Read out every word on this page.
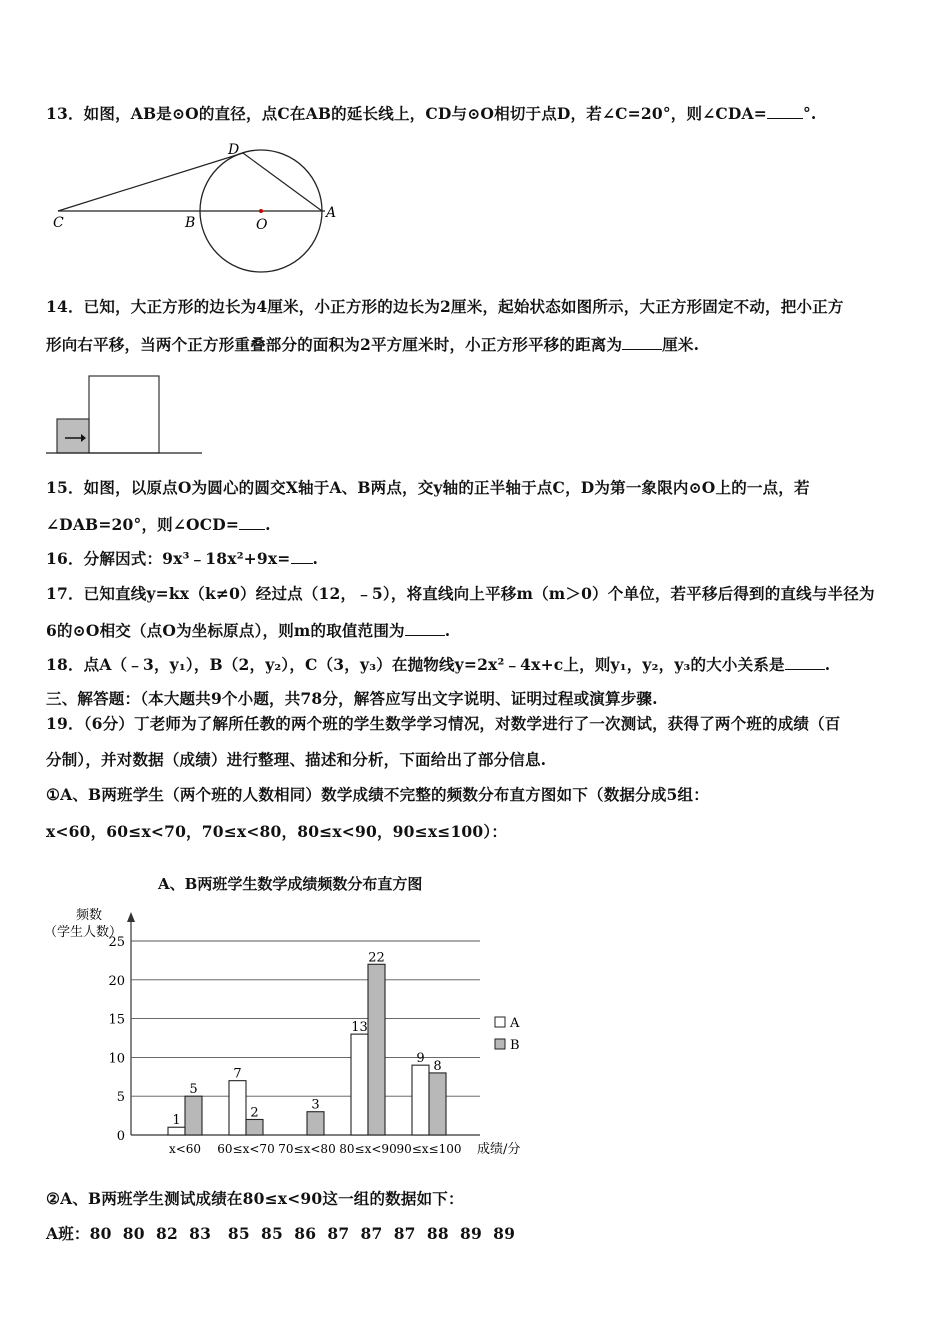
13．如图，AB是⊙O的直径，点C在AB的延长线上，CD与⊙O相切于点D，若∠C=20°，则∠CDA= °.
C	B	O
A
D
14．已知，大正方形的边长为4厘米，小正方形的边长为2厘米，起始状态如图所示，大正方形固定不动，把小正方
形向右平移，当两个正方形重叠部分的面积为2平方厘米时，小正方形平移的距离为	厘米.
15．如图，以原点O为圆心的圆交X轴于A、B两点，交y轴的正半轴于点C，D为第一象限内⊙O上的一点，若
∠DAB=20°，则∠OCD= .
16．分解因式：9x³﹣18x²+9x= .
17．已知直线y=kx（k≠0）经过点（12，﹣5），将直线向上平移m（m＞0）个单位，若平移后得到的直线与半径为
6的⊙O相交（点O为坐标原点），则m的取值范围为	.
18．点A（﹣3，y₁），B（2，y₂），C（3，y₃）在抛物线y=2x²﹣4x+c上，则y₁，y₂，y₃的大小关系是	.
三、解答题：（本大题共9个小题，共78分，解答应写出文字说明、证明过程或演算步骤.
19．（6分）丁老师为了解所任教的两个班的学生数学学习情况，对数学进行了一次测试，获得了两个班的成绩（百
分制），并对数据（成绩）进行整理、描述和分析，下面给出了部分信息.
①A、B两班学生（两个班的人数相同）数学成绩不完整的频数分布直方图如下（数据分成5组：
x<60，60≤x<70，70≤x<80，80≤x<90，90≤x≤100）：
A、B两班学生数学成绩频数分布直方图
频数
（学生人数）
成绩/分
0
5
10
15
20
25
1
7
13
9
5
2
3
22
8
x<60 60≤x<70 70≤x<80 80≤x<90 90≤x≤100
A
B
②A、B两班学生测试成绩在80≤x<90这一组的数据如下：
A班：80  80  82  83   85  85  86  87  87  87  88  89  89
